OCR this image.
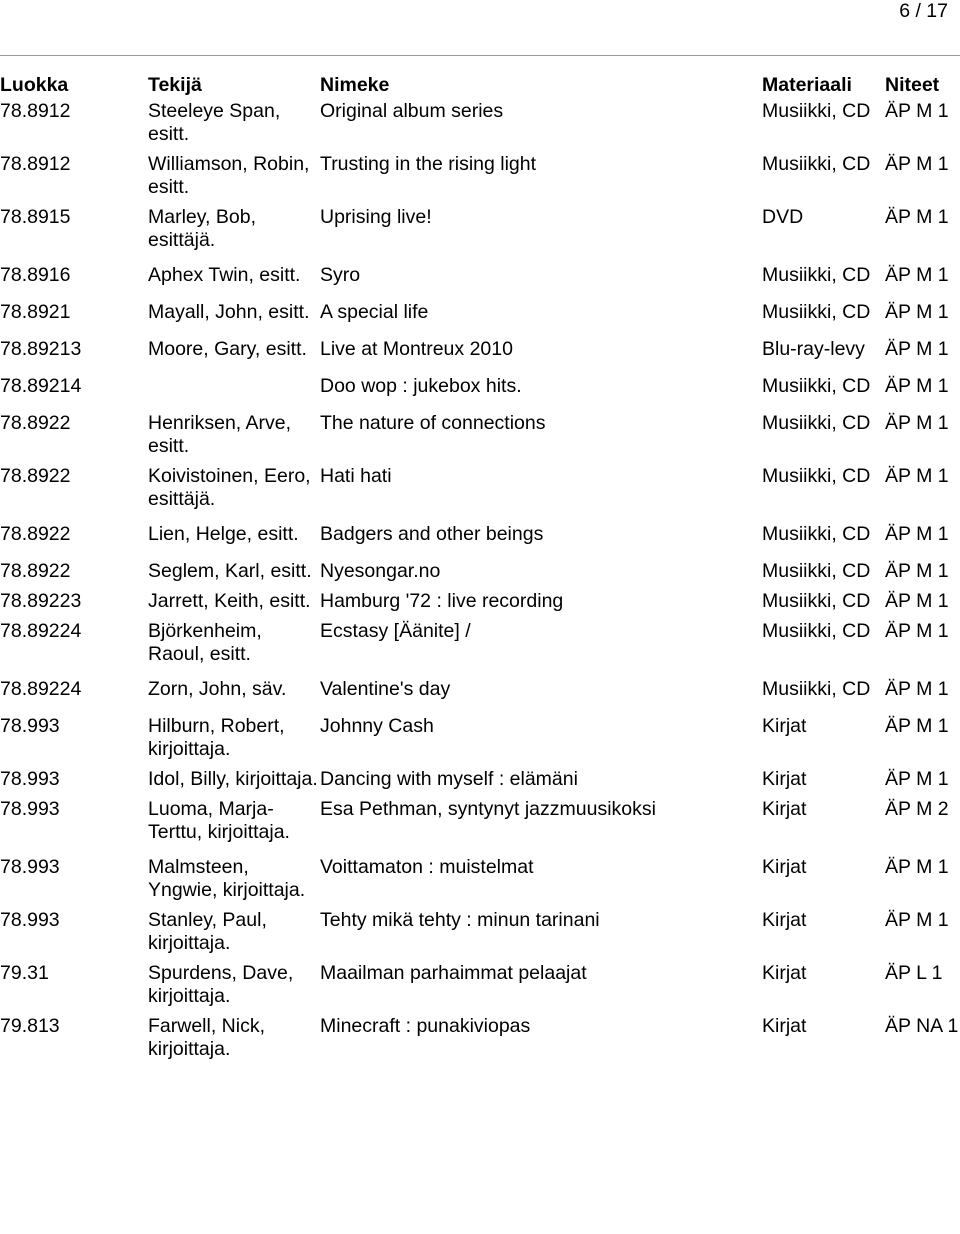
6 / 17
Luokka	Tekijä	Nimeke	Materiaali	Niteet
78.8912	Steeleye Span, esitt.	Original album series	Musiikki, CD	ÄP M 1
78.8912	Williamson, Robin, esitt.	Trusting in the rising light	Musiikki, CD	ÄP M 1
78.8915	Marley, Bob, esittäjä.	Uprising live!	DVD	ÄP M 1
78.8916	Aphex Twin, esitt.	Syro	Musiikki, CD	ÄP M 1
78.8921	Mayall, John, esitt.	A special life	Musiikki, CD	ÄP M 1
78.89213	Moore, Gary, esitt.	Live at Montreux 2010	Blu-ray-levy	ÄP M 1
78.89214		Doo wop : jukebox hits.	Musiikki, CD	ÄP M 1
78.8922	Henriksen, Arve, esitt.	The nature of connections	Musiikki, CD	ÄP M 1
78.8922	Koivistoinen, Eero, esittäjä.	Hati hati	Musiikki, CD	ÄP M 1
78.8922	Lien, Helge, esitt.	Badgers and other beings	Musiikki, CD	ÄP M 1
78.8922	Seglem, Karl, esitt.	Nyesongar.no	Musiikki, CD	ÄP M 1
78.89223	Jarrett, Keith, esitt.	Hamburg '72 : live recording	Musiikki, CD	ÄP M 1
78.89224	Björkenheim, Raoul, esitt.	Ecstasy [Äänite] /	Musiikki, CD	ÄP M 1
78.89224	Zorn, John, säv.	Valentine's day	Musiikki, CD	ÄP M 1
78.993	Hilburn, Robert, kirjoittaja.	Johnny Cash	Kirjat	ÄP M 1
78.993	Idol, Billy, kirjoittaja.	Dancing with myself : elämäni	Kirjat	ÄP M 1
78.993	Luoma, Marja-Terttu, kirjoittaja.	Esa Pethman, syntynyt jazzmuusikoksi	Kirjat	ÄP M 2
78.993	Malmsteen, Yngwie, kirjoittaja.	Voittamaton : muistelmat	Kirjat	ÄP M 1
78.993	Stanley, Paul, kirjoittaja.	Tehty mikä tehty : minun tarinani	Kirjat	ÄP M 1
79.31	Spurdens, Dave, kirjoittaja.	Maailman parhaimmat pelaajat	Kirjat	ÄP L 1
79.813	Farwell, Nick, kirjoittaja.	Minecraft : punakiviopas	Kirjat	ÄP NA 1
